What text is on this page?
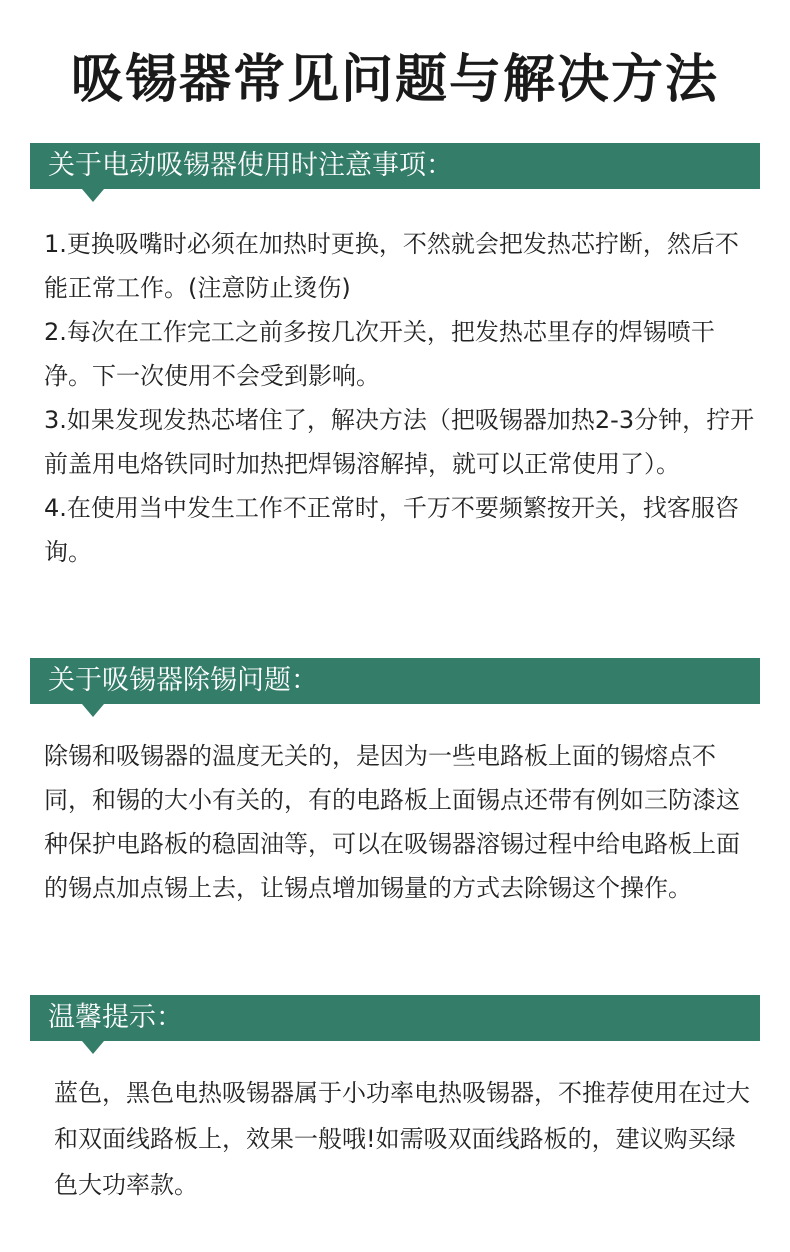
吸锡器常见问题与解决方法
关于电动吸锡器使用时注意事项：

1.更换吸嘴时必须在加热时更换，不然就会把发热芯拧断，然后不能正常工作。(注意防止烫伤)

2.每次在工作完工之前多按几次开关，把发热芯里存的焊锡喷干净。下一次使用不会受到影响。

3.如果发现发热芯堵住了，解决方法（把吸锡器加热2-3分钟，拧开前盖用电烙铁同时加热把焊锡溶解掉，就可以正常使用了）。

4.在使用当中发生工作不正常时，千万不要频繁按开关，找客服咨询。

关于吸锡器除锡问题：

除锡和吸锡器的温度无关的，是因为一些电路板上面的锡熔点不同，和锡的大小有关的，有的电路板上面锡点还带有例如三防漆这种保护电路板的稳固油等，可以在吸锡器溶锡过程中给电路板上面的锡点加点锡上去，让锡点增加锡量的方式去除锡这个操作。

温馨提示：

蓝色，黑色电热吸锡器属于小功率电热吸锡器，不推荐使用在过大和双面线路板上，效果一般哦!如需吸双面线路板的，建议购买绿色大功率款。
